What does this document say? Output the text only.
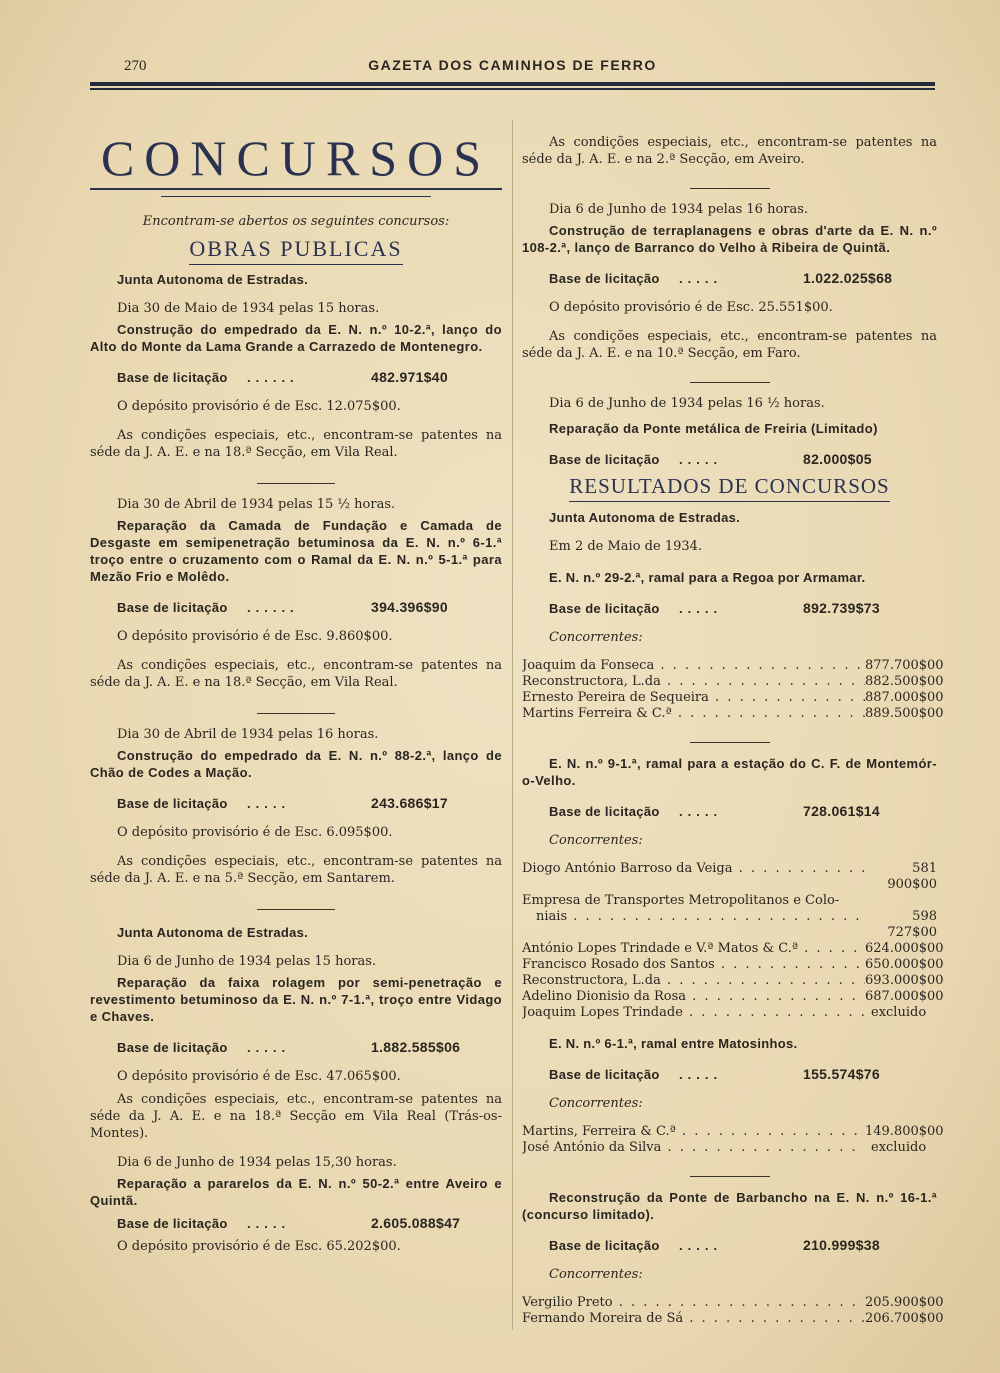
270	GAZETA DOS CAMINHOS DE FERRO
CONCURSOS
Encontram-se abertos os seguintes concursos:
OBRAS PUBLICAS
Junta Autonoma de Estradas.
Dia 30 de Maio de 1934 pelas 15 horas.
Construção do empedrado da E. N. n.º 10-2.ª, lanço do Alto do Monte da Lama Grande a Carrazedo de Montenegro.
Base de licitação	......	482.971$40
O depósito provisório é de Esc. 12.075$00.
As condições especiais, etc., encontram-se patentes na séde da J. A. E. e na 18.ª Secção, em Vila Real.
Dia 30 de Abril de 1934 pelas 15 ½ horas.
Reparação da Camada de Fundação e Camada de Desgaste em semipenetração betuminosa da E. N. n.º 6-1.ª troço entre o cruzamento com o Ramal da E. N. n.º 5-1.ª para Mezão Frio e Molêdo.
Base de licitação	......	394.396$90
O depósito provisório é de Esc. 9.860$00.
As condições especiais, etc., encontram-se patentes na séde da J. A. E. e na 18.ª Secção, em Vila Real.
Dia 30 de Abril de 1934 pelas 16 horas.
Construção do empedrado da E. N. n.º 88-2.ª, lanço de Chão de Codes a Mação.
Base de licitação	.....	243.686$17
O depósito provisório é de Esc. 6.095$00.
As condições especiais, etc., encontram-se patentes na séde da J. A. E. e na 5.ª Secção, em Santarem.
Junta Autonoma de Estradas.
Dia 6 de Junho de 1934 pelas 15 horas.
Reparação da faixa rolagem por semi-penetração e revestimento betuminoso da E. N. n.º 7-1.ª, troço entre Vidago e Chaves.
Base de licitação	.....	1.882.585$06
O depósito provisório é de Esc. 47.065$00.
As condições especiais, etc., encontram-se patentes na séde da J. A. E. e na 18.ª Secção em Vila Real (Trás-os-Montes).
Dia 6 de Junho de 1934 pelas 15,30 horas.
Reparação a pararelos da E. N. n.º 50-2.ª entre Aveiro e Quintã.
Base de licitação	.....	2.605.088$47
O depósito provisório é de Esc. 65.202$00.
As condições especiais, etc., encontram-se patentes na séde da J. A. E. e na 2.ª Secção, em Aveiro.
Dia 6 de Junho de 1934 pelas 16 horas.
Construção de terraplanagens e obras d'arte da E. N. n.º 108-2.ª, lanço de Barranco do Velho à Ribeira de Quintã.
Base de licitação	.....	1.022.025$68
O depósito provisório é de Esc. 25.551$00.
As condições especiais, etc., encontram-se patentes na séde da J. A. E. e na 10.ª Secção, em Faro.
Dia 6 de Junho de 1934 pelas 16 ½ horas.
Reparação da Ponte metálica de Freiria (Limitado)
Base de licitação	.....	82.000$05
RESULTADOS DE CONCURSOS
Junta Autonoma de Estradas.
Em 2 de Maio de 1934.
E. N. n.º 29-2.ª, ramal para a Regoa por Armamar.
Base de licitação	.....	892.739$73
Concorrentes:
Joaquim da Fonseca . . .	877.700$00
Reconstructora, L.da . . .	882.500$00
Ernesto Pereira de Sequeira . . .	887.000$00
Martins Ferreira & C.ª . . .	889.500$00
E. N. n.º 9-1.ª, ramal para a estação do C. F. de Montemór-o-Velho.
Base de licitação	.....	728.061$14
Concorrentes:
Diogo António Barroso da Veiga . . .	581 900$00
Empresa de Transportes Metropolitanos e Colo-
niais . . .	598 727$00
António Lopes Trindade e V.ª Matos & C.ª . . .	624.000$00
Francisco Rosado dos Santos . . .	650.000$00
Reconstructora, L.da . . .	693.000$00
Adelino Dionisio da Rosa . . .	687.000$00
Joaquim Lopes Trindade . . .	excluido
E. N. n.º 6-1.ª, ramal entre Matosinhos.
Base de licitação	.....	155.574$76
Concorrentes:
Martins, Ferreira & C.ª . . .	149.800$00
José António da Silva . . .	excluido
Reconstrução da Ponte de Barbancho na E. N. n.º 16-1.ª (concurso limitado).
Base de licitação	.....	210.999$38
Concorrentes:
Vergilio Preto . . .	205.900$00
Fernando Moreira de Sá . . .	206.700$00
